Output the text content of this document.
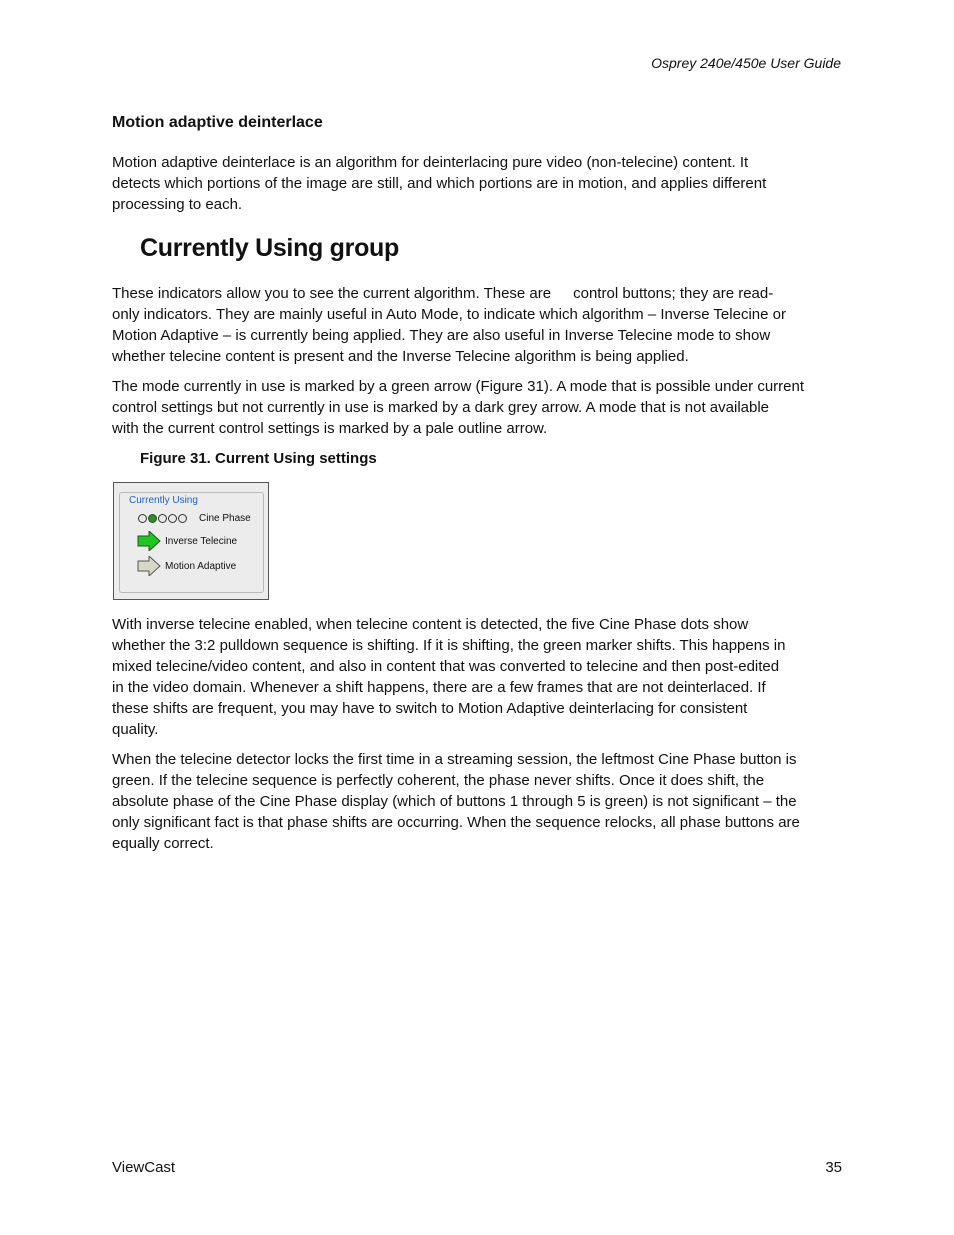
Osprey 240e/450e User Guide
Motion adaptive deinterlace

Motion adaptive deinterlace is an algorithm for deinterlacing pure video (non-telecine) content. It
detects which portions of the image are still, and which portions are in motion, and applies different
processing to each.

Currently Using group

These indicators allow you to see the current algorithm. These are control buttons; they are read-
only indicators. They are mainly useful in Auto Mode, to indicate which algorithm – Inverse Telecine or
Motion Adaptive – is currently being applied. They are also useful in Inverse Telecine mode to show
whether telecine content is present and the Inverse Telecine algorithm is being applied.

The mode currently in use is marked by a green arrow (Figure 31). A mode that is possible under current
control settings but not currently in use is marked by a dark grey arrow. A mode that is not available
with the current control settings is marked by a pale outline arrow.

Figure 31. Current Using settings

Currently Using
Cine Phase
Inverse Telecine
Motion Adaptive

With inverse telecine enabled, when telecine content is detected, the five Cine Phase dots show
whether the 3:2 pulldown sequence is shifting. If it is shifting, the green marker shifts. This happens in
mixed telecine/video content, and also in content that was converted to telecine and then post-edited
in the video domain. Whenever a shift happens, there are a few frames that are not deinterlaced. If
these shifts are frequent, you may have to switch to Motion Adaptive deinterlacing for consistent
quality.

When the telecine detector locks the first time in a streaming session, the leftmost Cine Phase button is
green. If the telecine sequence is perfectly coherent, the phase never shifts. Once it does shift, the
absolute phase of the Cine Phase display (which of buttons 1 through 5 is green) is not significant – the
only significant fact is that phase shifts are occurring. When the sequence relocks, all phase buttons are
equally correct.

ViewCast	35
